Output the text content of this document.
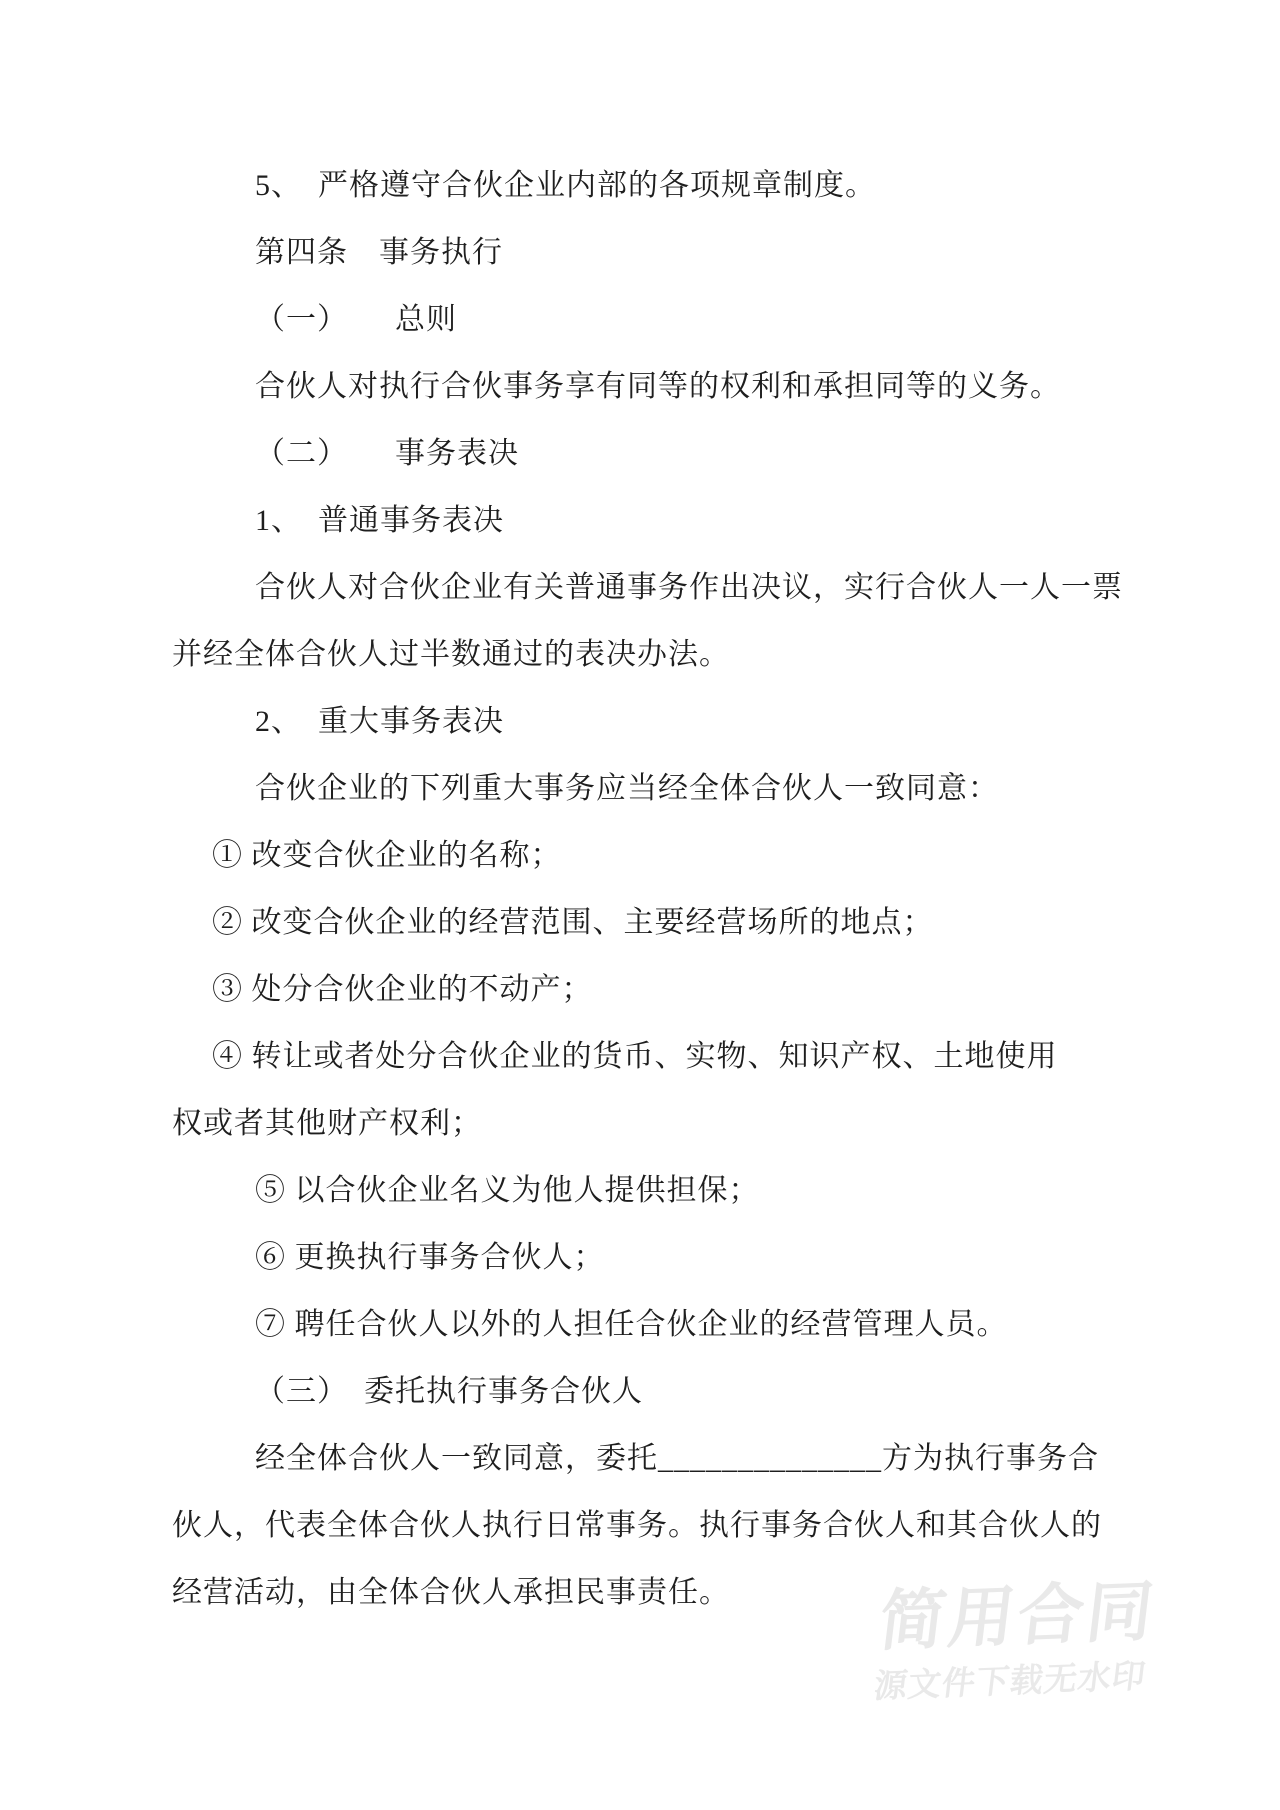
5、　严格遵守合伙企业内部的各项规章制度。
第四条　事务执行
（一）　　总则
合伙人对执行合伙事务享有同等的权利和承担同等的义务。
（二）　　事务表决
1、　普通事务表决
合伙人对合伙企业有关普通事务作出决议，实行合伙人一人一票
并经全体合伙人过半数通过的表决办法。
2、　重大事务表决
合伙企业的下列重大事务应当经全体合伙人一致同意：
① 改变合伙企业的名称；
② 改变合伙企业的经营范围、主要经营场所的地点；
③ 处分合伙企业的不动产；
④ 转让或者处分合伙企业的货币、实物、知识产权、土地使用
权或者其他财产权利；
⑤ 以合伙企业名义为他人提供担保；
⑥ 更换执行事务合伙人；
⑦ 聘任合伙人以外的人担任合伙企业的经营管理人员。
（三）　委托执行事务合伙人
经全体合伙人一致同意，委托______________方为执行事务合
伙人，代表全体合伙人执行日常事务。执行事务合伙人和其合伙人的
经营活动，由全体合伙人承担民事责任。	简用合同
源文件下载无水印
